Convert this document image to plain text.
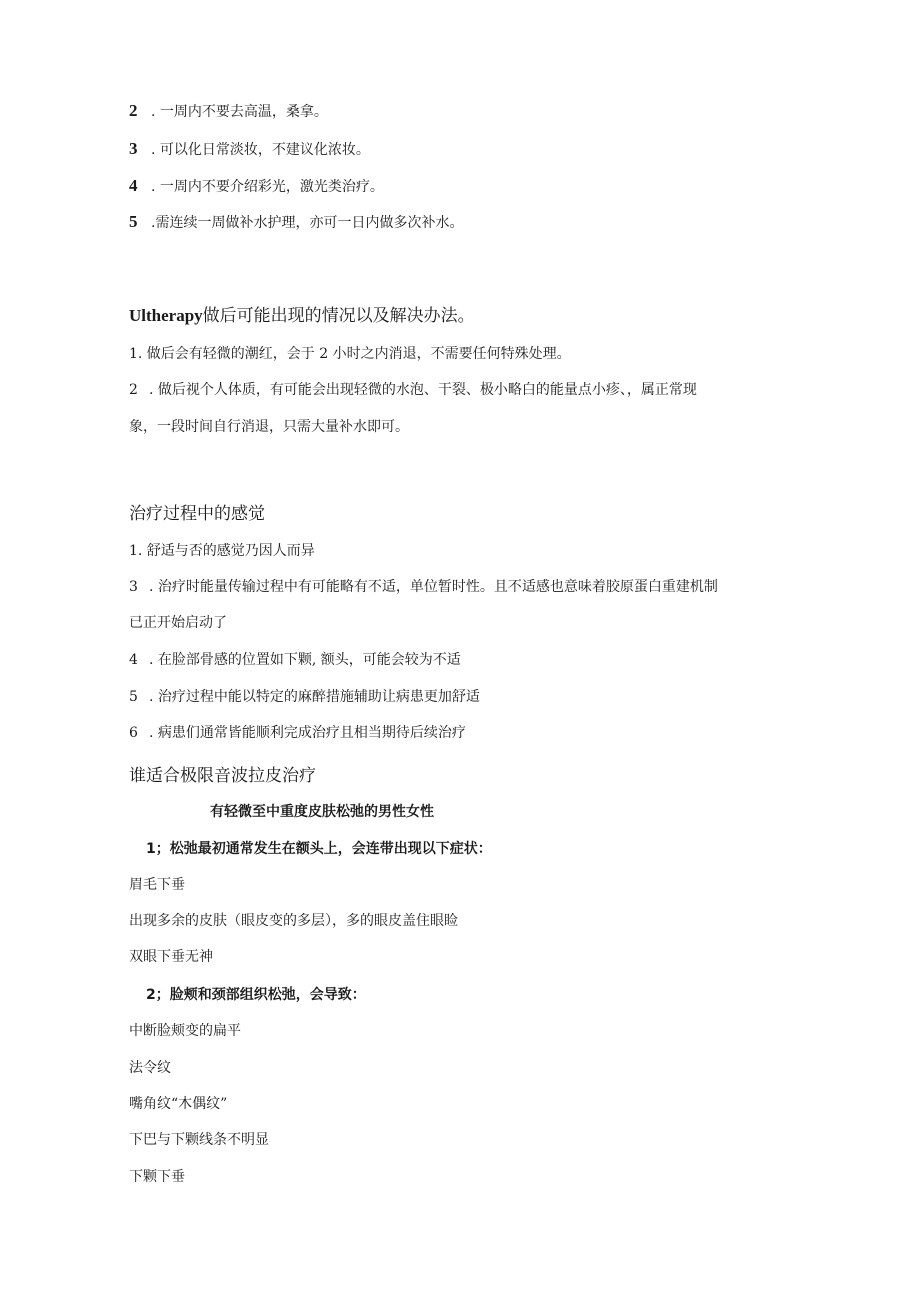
2 . 一周内不要去高温，桑拿。
3 . 可以化日常淡妆，不建议化浓妆。
4 . 一周内不要介绍彩光，激光类治疗。
5 .需连续一周做补水护理，亦可一日内做多次补水。
Ultherapy做后可能出现的情况以及解决办法。
1. 做后会有轻微的潮红，会于 2 小时之内消退，不需要任何特殊处理。
2 . 做后视个人体质，有可能会出现轻微的水泡、干裂、极小略白的能量点小疹、，属正常现
象，一段时间自行消退，只需大量补水即可。
治疗过程中的感觉
1. 舒适与否的感觉乃因人而异
3 . 治疗时能量传输过程中有可能略有不适，单位暂时性。且不适感也意味着胶原蛋白重建机制
已正开始启动了
4 . 在脸部骨感的位置如下颗, 额头，可能会较为不适
5 . 治疗过程中能以特定的麻醉措施辅助让病患更加舒适
6 . 病患们通常皆能顺利完成治疗且相当期待后续治疗
谁适合极限音波拉皮治疗
有轻微至中重度皮肤松弛的男性女性
1；松弛最初通常发生在额头上，会连带出现以下症状：
眉毛下垂
出现多余的皮肤（眼皮变的多层），多的眼皮盖住眼睑
双眼下垂无神
2；脸颊和颈部组织松弛，会导致：
中断脸颊变的扁平
法令纹
嘴角纹“木偶纹”
下巴与下颗线条不明显
下颗下垂
